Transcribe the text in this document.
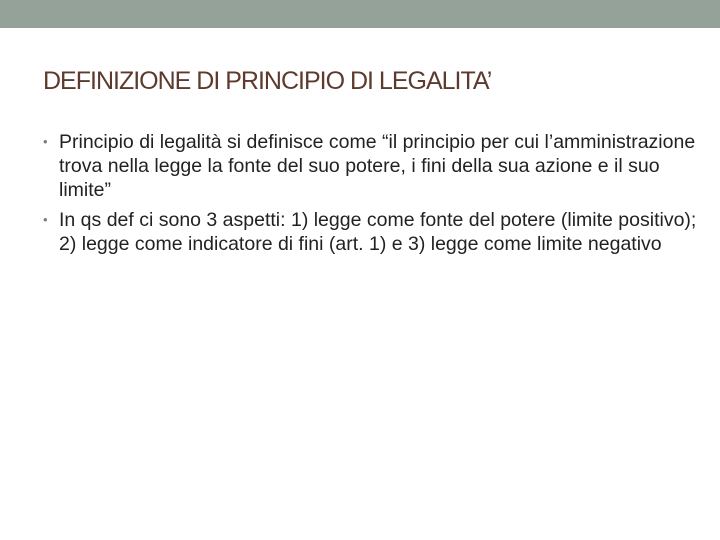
DEFINIZIONE DI PRINCIPIO DI LEGALITA’
• Principio di legalità si definisce come “il principio per cui l’amministrazione trova nella legge la fonte del suo potere, i fini della sua azione e il suo limite”
• In qs def ci sono 3 aspetti: 1) legge come fonte del potere (limite positivo); 2) legge come indicatore di fini (art. 1) e 3) legge come limite negativo
